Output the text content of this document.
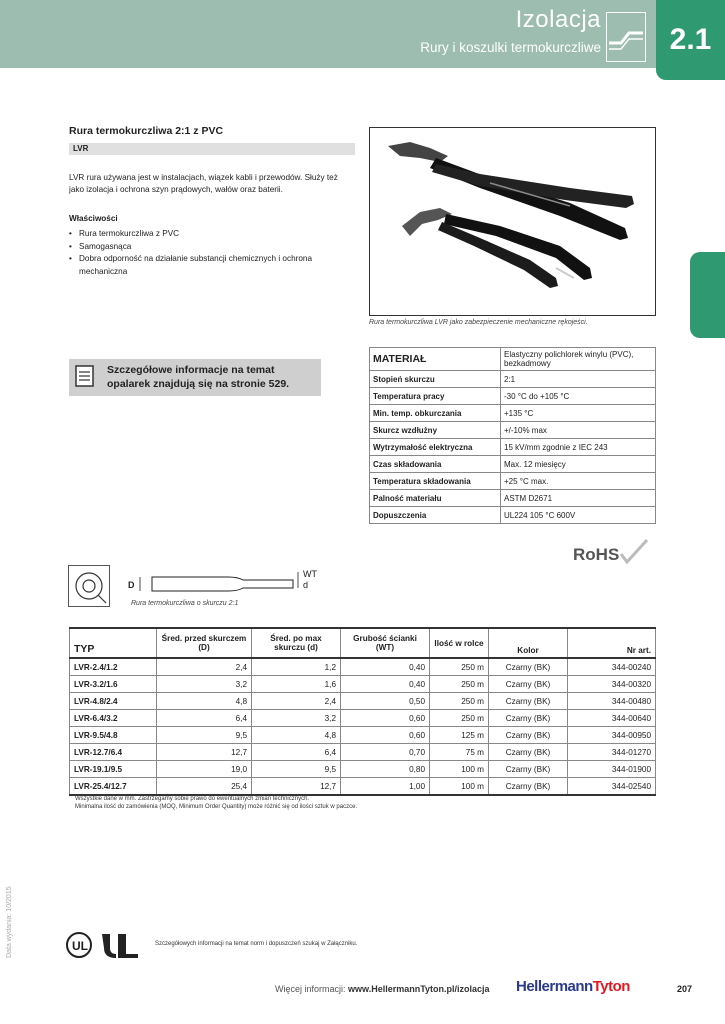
Izolacja
Rury i koszulki termokurczliwe	2.1
Rura termokurczliwa 2:1 z PVC
LVR
LVR rura używana jest w instalacjach, wiązek kabli i przewodów. Służy też jako izolacja i ochrona szyn prądowych, wałów oraz baterii.
Właściwości
• Rura termokurczliwa z PVC
• Samogasnąca
• Dobra odporność na działanie substancji chemicznych i ochrona mechaniczna
Rura termokurczliwa LVR jako zabezpieczenie mechaniczne rękojeści.
Szczegółowe informacje na temat
opalarek znajdują się na stronie 529.
MATERIAŁ	Elastyczny polichlorek winylu (PVC), bezkadmowy
Stopień skurczu	2:1
Temperatura pracy	-30 °C do +105 °C
Min. temp. obkurczania	+135 °C
Skurcz wzdłużny	+/-10% max
Wytrzymałość elektryczna	15 kV/mm zgodnie z IEC 243
Czas składowania	Max. 12 miesięcy
Temperatura składowania	+25 °C max.
Palność materiału	ASTM D2671
Dopuszczenia	UL224 105 °C 600V
RoHS
D
WT
d
Rura termokurczliwa o skurczu 2:1
TYP	Śred. przed skurczem (D)	Śred. po max skurczu (d)	Grubość ścianki (WT)	Ilość w rolce	Kolor	Nr art.
LVR-2.4/1.2	2,4	1,2	0,40	250 m	Czarny (BK)	344-00240
LVR-3.2/1.6	3,2	1,6	0,40	250 m	Czarny (BK)	344-00320
LVR-4.8/2.4	4,8	2,4	0,50	250 m	Czarny (BK)	344-00480
LVR-6.4/3.2	6,4	3,2	0,60	250 m	Czarny (BK)	344-00640
LVR-9.5/4.8	9,5	4,8	0,60	125 m	Czarny (BK)	344-00950
LVR-12.7/6.4	12,7	6,4	0,70	75 m	Czarny (BK)	344-01270
LVR-19.1/9.5	19,0	9,5	0,80	100 m	Czarny (BK)	344-01900
LVR-25.4/12.7	25,4	12,7	1,00	100 m	Czarny (BK)	344-02540
Wszystkie dane w mm. Zastrzegamy sobie prawo do ewentualnych zmian technicznych.
Minimalna ilość do zamówienia (MOQ, Minimum Order Quantity) może różnić się od ilości sztuk w paczce.
Data wydania: 10/2015	UL	Szczegółowych informacji na temat norm i dopuszczeń szukaj w Załączniku.
Więcej informacji: www.HellermannTyton.pl/izolacja HellermannTyton	207
